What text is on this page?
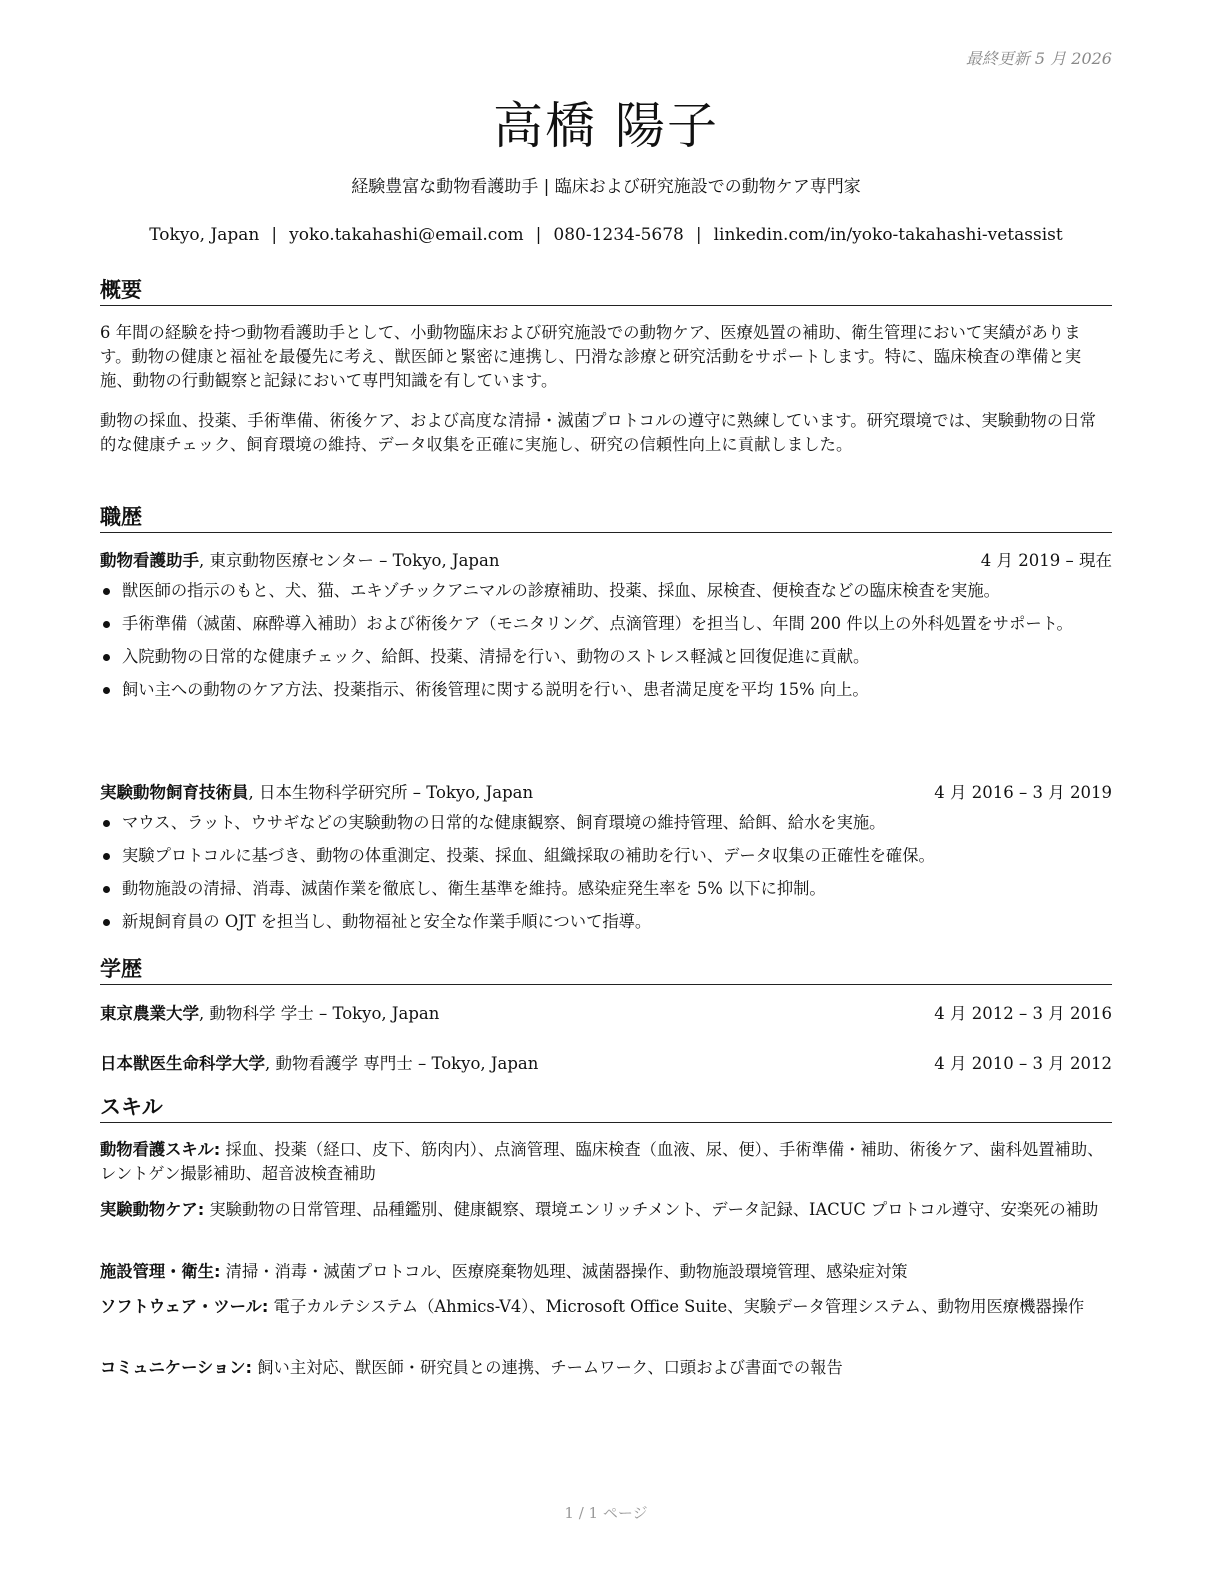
最終更新 5 月 2026
高橋 陽子
経験豊富な動物看護助手 | 臨床および研究施設での動物ケア専門家
Tokyo, Japan | yoko.takahashi@email.com | 080-1234-5678 | linkedin.com/in/yoko-takahashi-vetassist
概要
6 年間の経験を持つ動物看護助手として、小動物臨床および研究施設での動物ケア、医療処置の補助、衛生管理において実績があります。動物の健康と福祉を最優先に考え、獣医師と緊密に連携し、円滑な診療と研究活動をサポートします。特に、臨床検査の準備と実施、動物の行動観察と記録において専門知識を有しています。
動物の採血、投薬、手術準備、術後ケア、および高度な清掃・滅菌プロトコルの遵守に熟練しています。研究環境では、実験動物の日常的な健康チェック、飼育環境の維持、データ収集を正確に実施し、研究の信頼性向上に貢献しました。
職歴
動物看護助手, 東京動物医療センター – Tokyo, Japan	4 月 2019 – 現在
獣医師の指示のもと、犬、猫、エキゾチックアニマルの診療補助、投薬、採血、尿検査、便検査などの臨床検査を実施。
手術準備（滅菌、麻酔導入補助）および術後ケア（モニタリング、点滴管理）を担当し、年間 200 件以上の外科処置をサポート。
入院動物の日常的な健康チェック、給餌、投薬、清掃を行い、動物のストレス軽減と回復促進に貢献。
飼い主への動物のケア方法、投薬指示、術後管理に関する説明を行い、患者満足度を平均 15% 向上。
実験動物飼育技術員, 日本生物科学研究所 – Tokyo, Japan	4 月 2016 – 3 月 2019
マウス、ラット、ウサギなどの実験動物の日常的な健康観察、飼育環境の維持管理、給餌、給水を実施。
実験プロトコルに基づき、動物の体重測定、投薬、採血、組織採取の補助を行い、データ収集の正確性を確保。
動物施設の清掃、消毒、滅菌作業を徹底し、衛生基準を維持。感染症発生率を 5% 以下に抑制。
新規飼育員の OJT を担当し、動物福祉と安全な作業手順について指導。
学歴
東京農業大学, 動物科学 学士 – Tokyo, Japan	4 月 2012 – 3 月 2016
日本獣医生命科学大学, 動物看護学 専門士 – Tokyo, Japan	4 月 2010 – 3 月 2012
スキル
動物看護スキル: 採血、投薬（経口、皮下、筋肉内）、点滴管理、臨床検査（血液、尿、便）、手術準備・補助、術後ケア、歯科処置補助、レントゲン撮影補助、超音波検査補助
実験動物ケア: 実験動物の日常管理、品種鑑別、健康観察、環境エンリッチメント、データ記録、IACUC プロトコル遵守、安楽死の補助
施設管理・衛生: 清掃・消毒・滅菌プロトコル、医療廃棄物処理、滅菌器操作、動物施設環境管理、感染症対策
ソフトウェア・ツール: 電子カルテシステム（Ahmics-V4）、Microsoft Office Suite、実験データ管理システム、動物用医療機器操作
コミュニケーション: 飼い主対応、獣医師・研究員との連携、チームワーク、口頭および書面での報告
1 / 1 ページ
